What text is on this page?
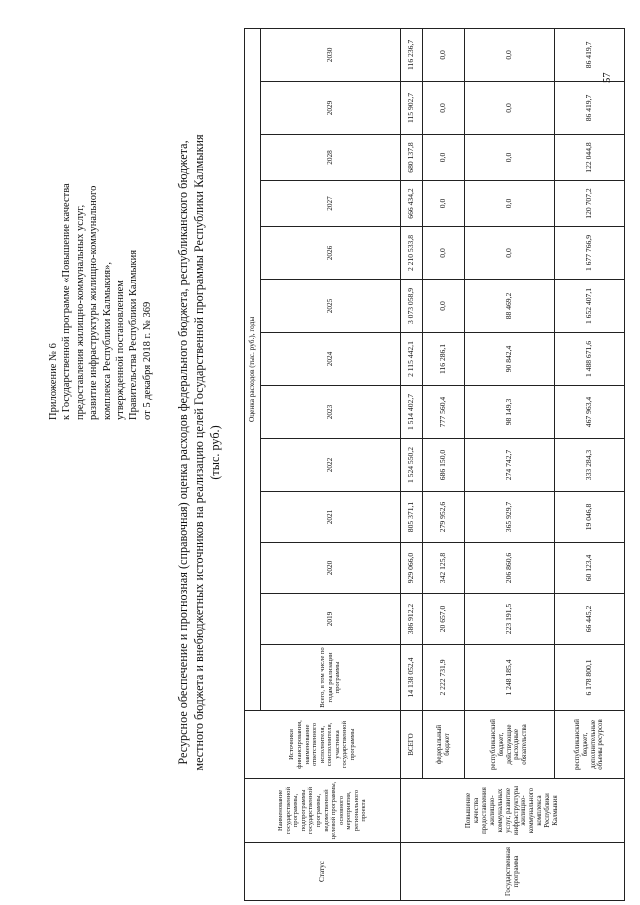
Приложение № 6 к Государственной программе «Повышение качества предоставления жилищно-коммунальных услуг, развитие инфраструктуры жилищно-коммунального комплекса Республики Калмыкия», утвержденной постановлением Правительства Республики Калмыкия от 5 декабря 2018 г. № 369 Ресурсное обеспечение и прогнозная (справочная) оценка расходов федерального бюджета, республиканского бюджета, местного бюджета и внебюджетных источников на реализацию целей Государственной программы Республики Калмыкия (тыс. руб.)
Статус	Наименование государственной программы, подпрограммы государственной программы, ведомственной целевой программы, основного мероприятия, регионального проекта	Источники финансирования, наименование ответственного исполнителя, соисполнителя, участника государственной программы	Оценка расходов (тыс. руб.), годы												
			Всего, в том числе по годам реализации программы	2019	2020	2021	2022	2023	2024	2025	2026	2027	2028	2029	2030
Государственная программа	Повышение качества предоставления жилищно-коммунальных услуг, развитие инфраструктуры жилищно-коммунального комплекса Республики Калмыкия	ВСЕГО	14 138 052,4	386 912,2	929 066,0	805 371,1	1 524 550,2	1 514 402,7	2 115 442,1	3 073 058,9	2 210 533,8	666 434,2	680 137,8	115 902,7	116 236,7
		федеральный бюджет	2 222 731,9	20 657,0	342 125,8	279 952,6	686 150,0	777 560,4	116 286,1	0,0	0,0	0,0	0,0	0,0	0,0
		республиканский бюджет, действующие расходные обязательства	1 248 185,4	223 191,5	206 860,6	365 929,7	274 742,7	98 149,3	90 842,4	88 469,2	0,0	0,0	0,0	0,0	0,0
		республиканский бюджет, дополнительные объемы ресурсов	6 178 800,1	66 445,2	60 123,4	19 046,8	333 284,3	467 963,4	1 488 671,6	1 652 407,1	1 677 766,9	120 707,2	122 044,8	86 419,7	86 419,7
57
